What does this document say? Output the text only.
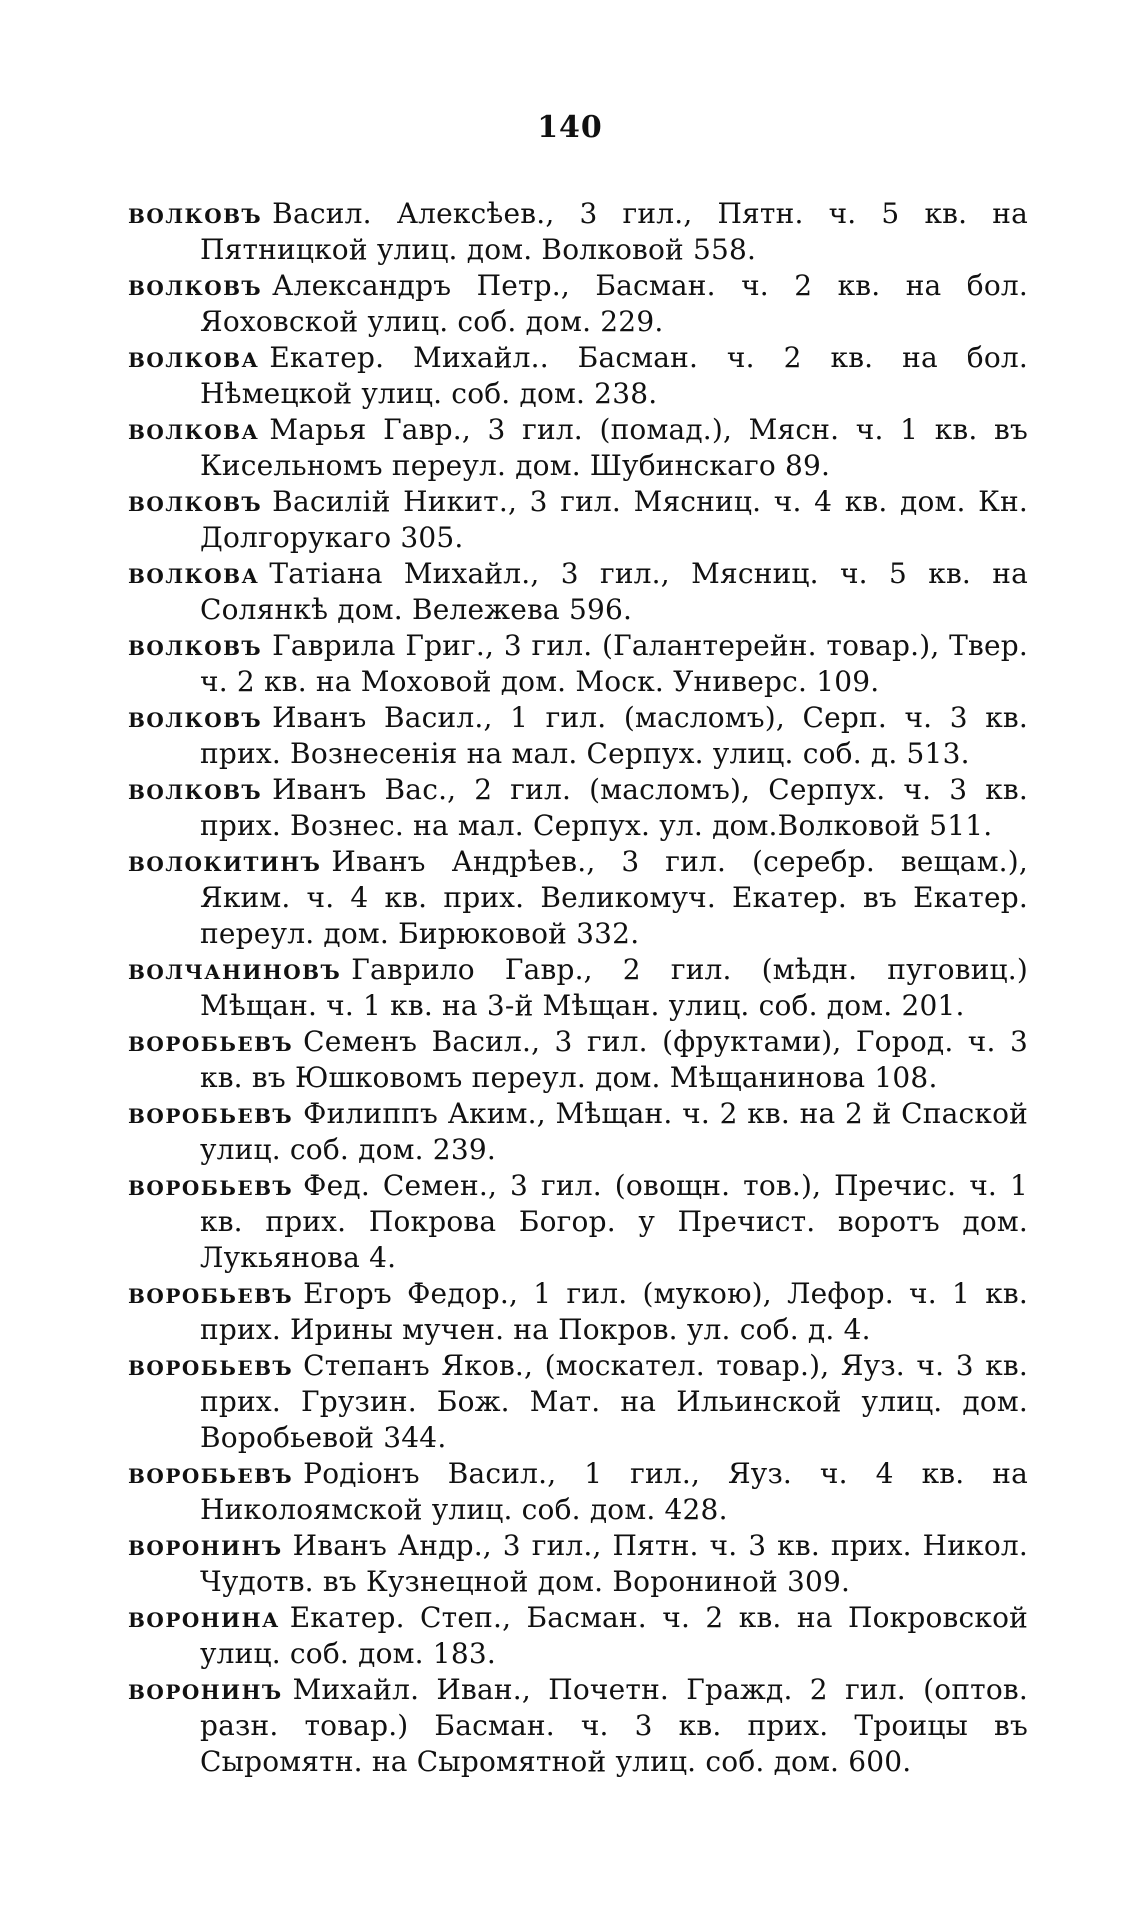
140

волковъ Васил. Алексѣев., 3 гил., Пятн. ч. 5 кв. на Пятницкой улиц. дом. Волковой 558.

волковъ Александръ Петр., Басман. ч. 2 кв. на бол. Яоховской улиц. соб. дом. 229.

волкова Екатер. Михайл.. Басман. ч. 2 кв. на бол. Нѣмецкой улиц. соб. дом. 238.

волкова Марья Гавр., 3 гил. (помад.), Мясн. ч. 1 кв. въ Кисельномъ переул. дом. Шубинскаго 89.

волковъ Василій Никит., 3 гил. Мясниц. ч. 4 кв. дом. Кн. Долгорукаго 305.

волкова Татіана Михайл., 3 гил., Мясниц. ч. 5 кв. на Солянкѣ дом. Вележева 596.

волковъ Гаврила Григ., 3 гил. (Галантерейн. товар.), Твер. ч. 2 кв. на Моховой дом. Моск. Универс. 109.

волковъ Иванъ Васил., 1 гил. (масломъ), Серп. ч. 3 кв. прих. Вознесенія на мал. Серпух. улиц. соб. д. 513.

волковъ Иванъ Вас., 2 гил. (масломъ), Серпух. ч. 3 кв. прих. Вознес. на мал. Серпух. ул. дом.Волковой 511.

волокитинъ Иванъ Андрѣев., 3 гил. (серебр. вещам.), Яким. ч. 4 кв. прих. Великомуч. Екатер. въ Екатер. переул. дом. Бирюковой 332.

волчаниновъ Гаврило Гавр., 2 гил. (мѣдн. пуговиц.) Мѣщан. ч. 1 кв. на 3-й Мѣщан. улиц. соб. дом. 201.

воробьевъ Семенъ Васил., 3 гил. (фруктами), Город. ч. 3 кв. въ Юшковомъ переул. дом. Мѣщанинова 108.

воробьевъ Филиппъ Аким., Мѣщан. ч. 2 кв. на 2 й Спаской улиц. соб. дом. 239.

воробьевъ Фед. Семен., 3 гил. (овощн. тов.), Пречис. ч. 1 кв. прих. Покрова Богор. у Пречист. воротъ дом. Лукьянова 4.

воробьевъ Егоръ Федор., 1 гил. (мукою), Лефор. ч. 1 кв. прих. Ирины мучен. на Покров. ул. соб. д. 4.

воробьевъ Степанъ Яков., (москател. товар.), Яуз. ч. 3 кв. прих. Грузин. Бож. Мат. на Ильинской улиц. дом. Воробьевой 344.

воробьевъ Родіонъ Васил., 1 гил., Яуз. ч. 4 кв. на Николоямской улиц. соб. дом. 428.

воронинъ Иванъ Андр., 3 гил., Пятн. ч. 3 кв. прих. Никол. Чудотв. въ Кузнецной дом. Ворониной 309.

воронина Екатер. Степ., Басман. ч. 2 кв. на Покровской улиц. соб. дом. 183.

воронинъ Михайл. Иван., Почетн. Гражд. 2 гил. (оптов. разн. товар.) Басман. ч. 3 кв. прих. Троицы въ Сыромятн. на Сыромятной улиц. соб. дом. 600.
